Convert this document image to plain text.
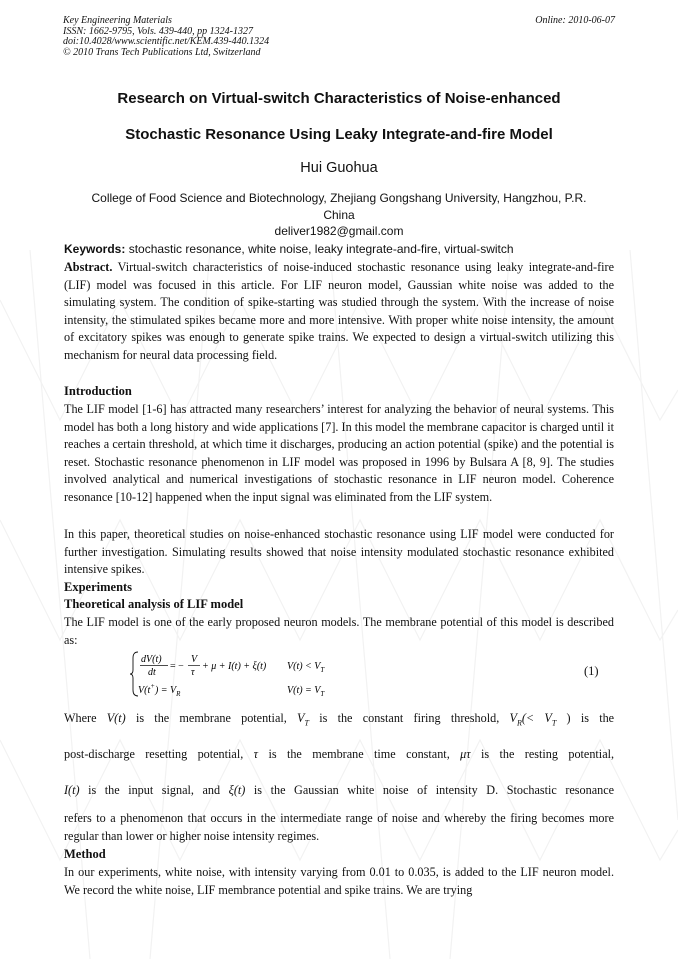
Key Engineering Materials
ISSN: 1662-9795, Vols. 439-440, pp 1324-1327
doi:10.4028/www.scientific.net/KEM.439-440.1324
© 2010 Trans Tech Publications Ltd, Switzerland
Online: 2010-06-07
Research on Virtual-switch Characteristics of Noise-enhanced
Stochastic Resonance Using Leaky Integrate-and-fire Model
Hui Guohua
College of Food Science and Biotechnology, Zhejiang Gongshang University, Hangzhou, P.R.
China
deliver1982@gmail.com
Keywords: stochastic resonance, white noise, leaky integrate-and-fire, virtual-switch
Abstract. Virtual-switch characteristics of noise-induced stochastic resonance using leaky integrate-and-fire (LIF) model was focused in this article. For LIF neuron model, Gaussian white noise was added to the simulating system. The condition of spike-starting was studied through the system. With the increase of noise intensity, the stimulated spikes became more and more intensive. With proper white noise intensity, the amount of excitatory spikes was enough to generate spike trains. We expected to design a virtual-switch utilizing this mechanism for neural data processing field.
Introduction
The LIF model [1-6] has attracted many researchers’ interest for analyzing the behavior of neural systems. This model has both a long history and wide applications [7]. In this model the membrane capacitor is charged until it reaches a certain threshold, at which time it discharges, producing an action potential (spike) and the potential is reset. Stochastic resonance phenomenon in LIF model was proposed in 1996 by Bulsara A [8, 9]. The studies involved analytical and numerical investigations of stochastic resonance in LIF neuron model. Coherence resonance [10-12] happened when the input signal was eliminated from the LIF system.
In this paper, theoretical studies on noise-enhanced stochastic resonance using LIF model were conducted for further investigation. Simulating results showed that noise intensity modulated stochastic resonance exhibited intensive spikes.
Experiments
Theoretical analysis of LIF model
The LIF model is one of the early proposed neuron models. The membrane potential of this model is described as:
dV(t)
dt
= −
V
τ
+ μ + I(t) + ξ(t) $V(t) < V_T$
$V(t^+) = V_R$	$V(t) = V_T$
(1)
Where V(t) is the membrane potential, $V_T$ is the constant firing threshold, $V_R(< V_T$ ) is the
post-discharge resetting potential, τ is the membrane time constant, μτ is the resting potential,
I(t) is the input signal, and ξ(t) is the Gaussian white noise of intensity D. Stochastic resonance
refers to a phenomenon that occurs in the intermediate range of noise and whereby the firing becomes more regular than lower or higher noise intensity regimes.
Method
In our experiments, white noise, with intensity varying from 0.01 to 0.035, is added to the LIF neuron model. We record the white noise, LIF membrance potential and spike trains. We are trying
